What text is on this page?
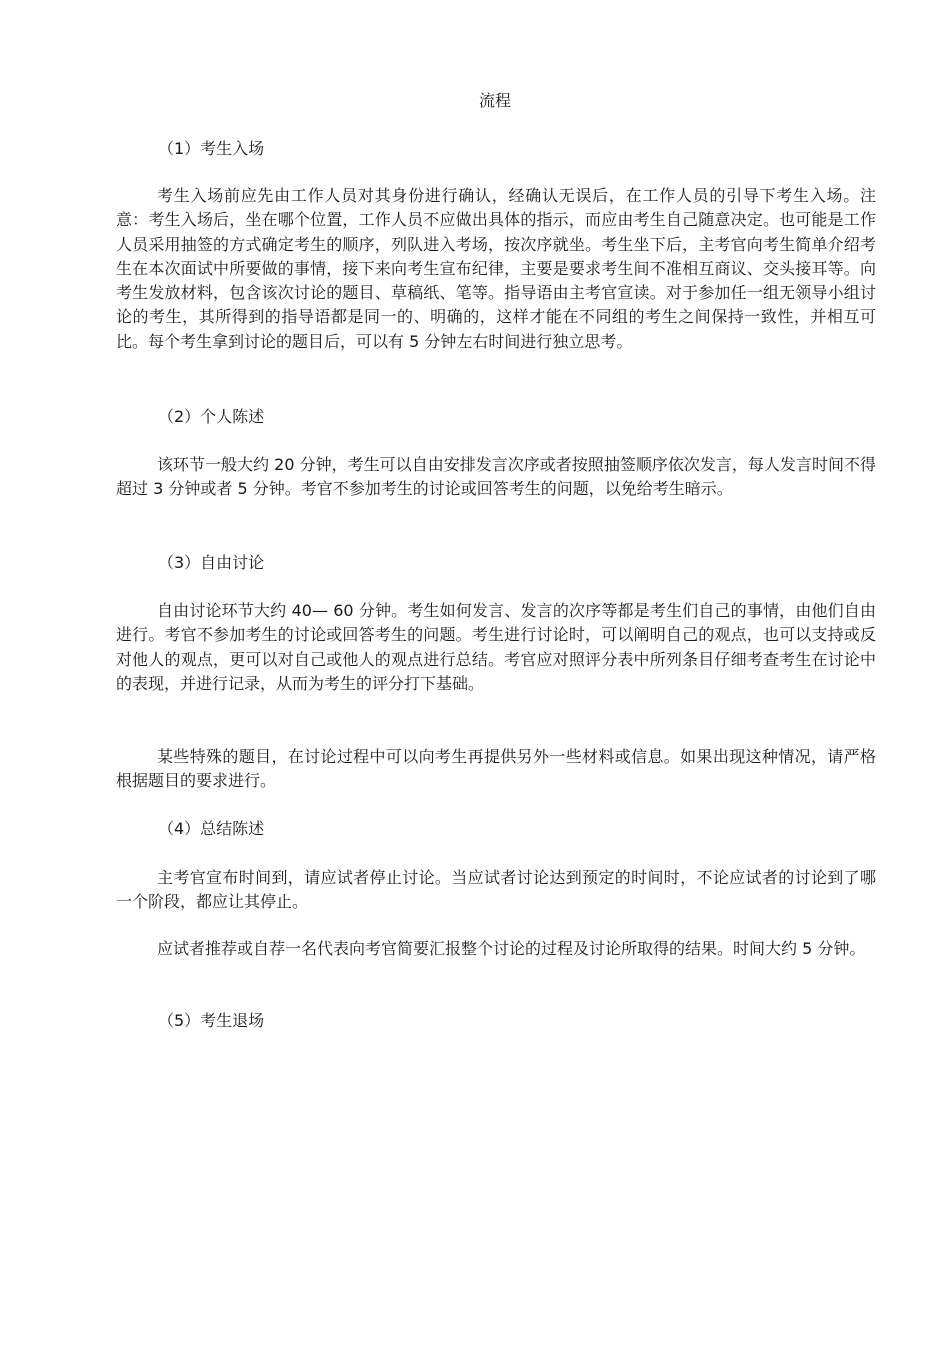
流程
（1）考生入场
考生入场前应先由工作人员对其身份进行确认，经确认无误后，在工作人员的引导下考生入场。注意：考生入场后，坐在哪个位置，工作人员不应做出具体的指示，而应由考生自己随意决定。也可能是工作人员采用抽签的方式确定考生的顺序，列队进入考场，按次序就坐。考生坐下后，主考官向考生简单介绍考生在本次面试中所要做的事情，接下来向考生宣布纪律，主要是要求考生间不准相互商议、交头接耳等。向考生发放材料，包含该次讨论的题目、草稿纸、笔等。指导语由主考官宣读。对于参加任一组无领导小组讨论的考生，其所得到的指导语都是同一的、明确的，这样才能在不同组的考生之间保持一致性，并相互可比。每个考生拿到讨论的题目后，可以有 5 分钟左右时间进行独立思考。
（2）个人陈述
该环节一般大约 20 分钟，考生可以自由安排发言次序或者按照抽签顺序依次发言，每人发言时间不得超过 3 分钟或者 5 分钟。考官不参加考生的讨论或回答考生的问题，以免给考生暗示。
（3）自由讨论
自由讨论环节大约 40— 60 分钟。考生如何发言、发言的次序等都是考生们自己的事情，由他们自由进行。考官不参加考生的讨论或回答考生的问题。考生进行讨论时，可以阐明自己的观点，也可以支持或反对他人的观点，更可以对自己或他人的观点进行总结。考官应对照评分表中所列条目仔细考查考生在讨论中的表现，并进行记录，从而为考生的评分打下基础。
某些特殊的题目，在讨论过程中可以向考生再提供另外一些材料或信息。如果出现这种情况，请严格根据题目的要求进行。
（4）总结陈述
主考官宣布时间到，请应试者停止讨论。当应试者讨论达到预定的时间时，不论应试者的讨论到了哪一个阶段，都应让其停止。
应试者推荐或自荐一名代表向考官简要汇报整个讨论的过程及讨论所取得的结果。时间大约 5 分钟。
（5）考生退场
